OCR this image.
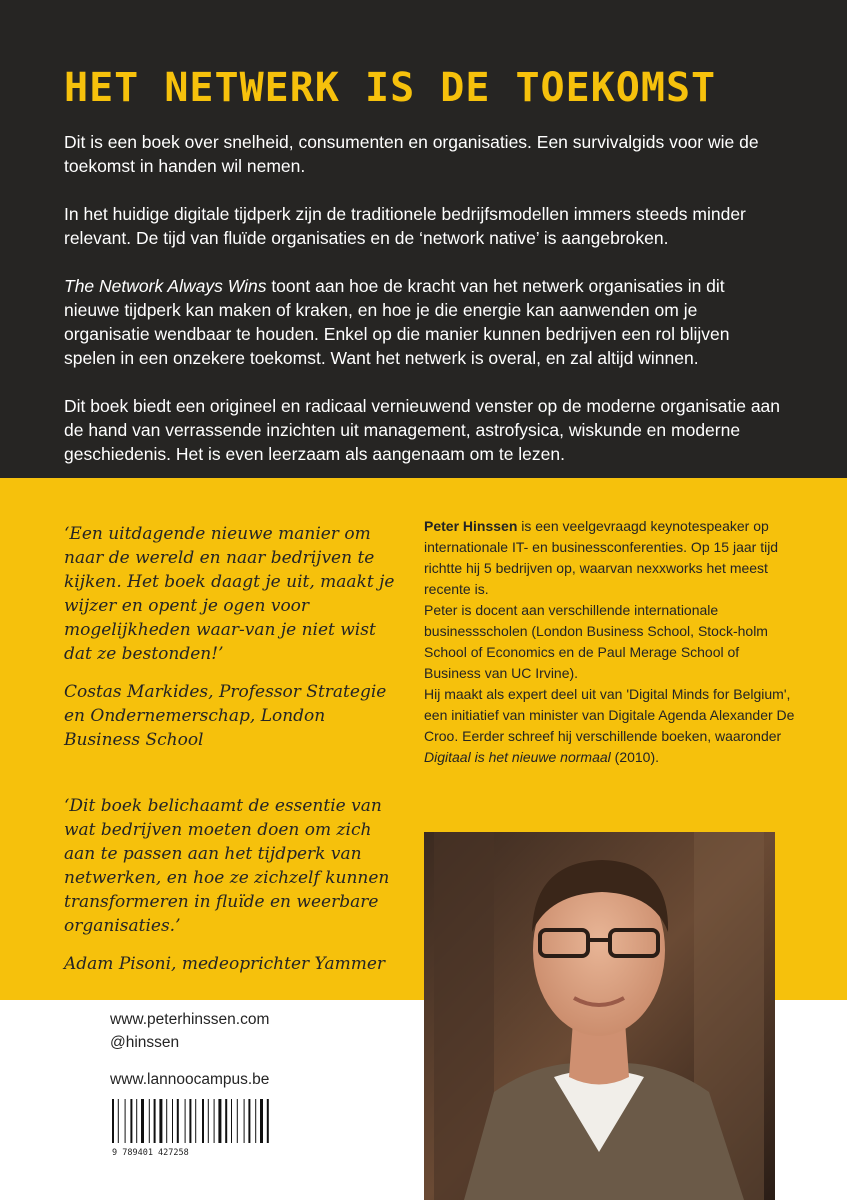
HET NETWERK IS DE TOEKOMST

Dit is een boek over snelheid, consumenten en organisaties. Een survivalgids voor wie de toekomst in handen wil nemen.

In het huidige digitale tijdperk zijn de traditionele bedrijfsmodellen immers steeds minder relevant. De tijd van fluïde organisaties en de ‘network native’ is aangebroken.

The Network Always Wins toont aan hoe de kracht van het netwerk organisaties in dit nieuwe tijdperk kan maken of kraken, en hoe je die energie kan aanwenden om je organisatie wendbaar te houden. Enkel op die manier kunnen bedrijven een rol blijven spelen in een onzekere toekomst. Want het netwerk is overal, en zal altijd winnen.

Dit boek biedt een origineel en radicaal vernieuwend venster op de moderne organisatie aan de hand van verrassende inzichten uit management, astrofysica, wiskunde en moderne geschiedenis. Het is even leerzaam als aangenaam om te lezen.

‘Een uitdagende nieuwe manier om naar de wereld en naar bedrijven te kijken. Het boek daagt je uit, maakt je wijzer en opent je ogen voor mogelijkheden waar-van je niet wist dat ze bestonden!’

Costas Markides, Professor Strategie en Ondernemerschap, London Business School

‘Dit boek belichaamt de essentie van wat bedrijven moeten doen om zich aan te passen aan het tijdperk van netwerken, en hoe ze zichzelf kunnen transformeren in fluïde en weerbare organisaties.’

Adam Pisoni, medeoprichter Yammer

Peter Hinssen is een veelgevraagd keynotespeaker op internationale IT- en businessconferenties. Op 15 jaar tijd richtte hij 5 bedrijven op, waarvan nexxworks het meest recente is.

Peter is docent aan verschillende internationale businessscholen (London Business School, Stock-holm School of Economics en de Paul Merage School of Business van UC Irvine).

Hij maakt als expert deel uit van 'Digital Minds for Belgium', een initiatief van minister van Digitale Agenda Alexander De Croo. Eerder schreef hij verschillende boeken, waaronder Digitaal is het nieuwe normaal (2010).

www.peterhinssen.com
@hinssen
www.lannoocampus.be
9 789401 427258
